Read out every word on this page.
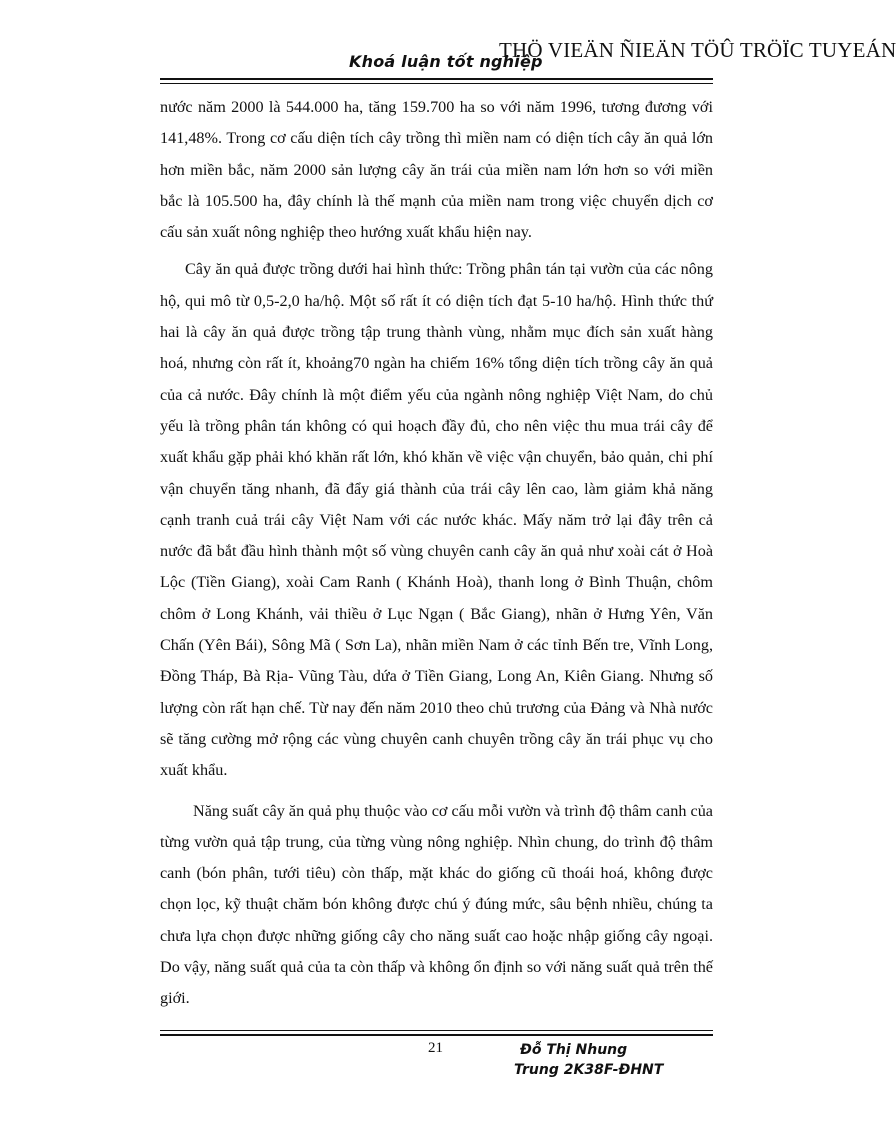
THÖ VIEÄN ÑIEÄN TÖÛ TRÖÏC TUYEÁN
Khoá luận tốt nghiệp

nước năm 2000 là 544.000 ha, tăng 159.700 ha so với năm 1996, tương đương với 141,48%. Trong cơ cấu diện tích cây trồng thì miền nam có diện tích cây ăn quả lớn hơn miền bắc, năm 2000 sản lượng cây ăn trái của miền nam lớn hơn so với miền bắc là 105.500 ha, đây chính là thế mạnh của miền nam trong việc chuyển dịch cơ cấu sản xuất nông nghiệp theo hướng xuất khẩu hiện nay.

Cây ăn quả được trồng dưới hai hình thức: Trồng phân tán tại vườn của các nông hộ, qui mô từ 0,5-2,0 ha/hộ. Một số rất ít có diện tích đạt 5-10 ha/hộ. Hình thức thứ hai là cây ăn quả được trồng tập trung thành vùng, nhằm mục đích sản xuất hàng hoá, nhưng còn rất ít, khoảng70 ngàn ha chiếm 16% tổng diện tích trồng cây ăn quả của cả nước. Đây chính là một điểm yếu của ngành nông nghiệp Việt Nam, do chủ yếu là trồng phân tán không có qui hoạch đầy đủ, cho nên việc thu mua trái cây để xuất khẩu gặp phải khó khăn rất lớn, khó khăn về việc vận chuyển, bảo quản, chi phí vận chuyển tăng nhanh, đã đẩy giá thành của trái cây lên cao, làm giảm khả năng cạnh tranh cuả trái cây Việt Nam với các nước khác. Mấy năm trở lại đây trên cả nước đã bắt đầu hình thành một số vùng chuyên canh cây ăn quả như xoài cát ở Hoà Lộc (Tiền Giang), xoài Cam Ranh ( Khánh Hoà), thanh long ở Bình Thuận, chôm chôm ở Long Khánh, vải thiều ở Lục Ngạn ( Bắc Giang), nhãn ở Hưng Yên, Văn Chấn (Yên Bái), Sông Mã ( Sơn La), nhãn miền Nam ở các tỉnh Bến tre, Vĩnh Long, Đồng Tháp, Bà Rịa- Vũng Tàu, dứa ở Tiền Giang, Long An, Kiên Giang. Nhưng số lượng còn rất hạn chế. Từ nay đến năm 2010 theo chủ trương của Đảng và Nhà nước sẽ tăng cường mở rộng các vùng chuyên canh chuyên trồng cây ăn trái phục vụ cho xuất khẩu.

Năng suất cây ăn quả phụ thuộc vào cơ cấu mỗi vườn và trình độ thâm canh của từng vườn quả tập trung, của từng vùng nông nghiệp. Nhìn chung, do trình độ thâm canh (bón phân, tưới tiêu) còn thấp, mặt khác do giống cũ thoái hoá, không được chọn lọc, kỹ thuật chăm bón không được chú ý đúng mức, sâu bệnh nhiều, chúng ta chưa lựa chọn được những giống cây cho năng suất cao hoặc nhập giống cây ngoại. Do vậy, năng suất quả của ta còn thấp và không ổn định so với năng suất quả trên thế giới.

21	Đỗ Thị Nhung
Trung 2K38F-ĐHNT
